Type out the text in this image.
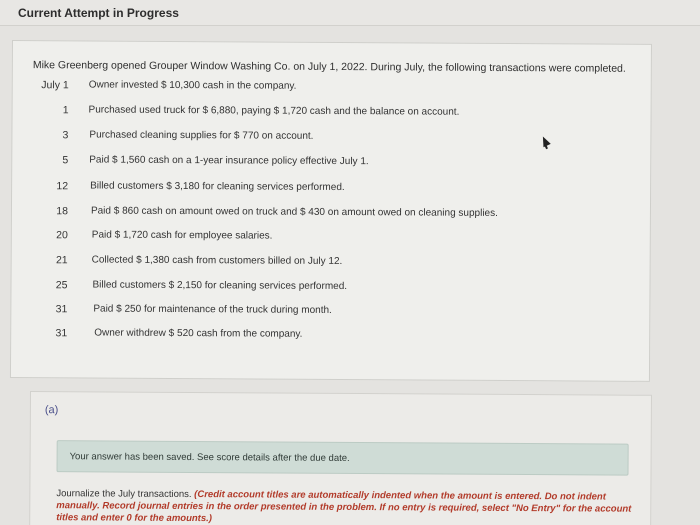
Current Attempt in Progress
Mike Greenberg opened Grouper Window Washing Co. on July 1, 2022. During July, the following transactions were completed.
July 1 Owner invested $ 10,300 cash in the company.
1 Purchased used truck for $ 6,880, paying $ 1,720 cash and the balance on account.
3 Purchased cleaning supplies for $ 770 on account.
5 Paid $ 1,560 cash on a 1-year insurance policy effective July 1.
12 Billed customers $ 3,180 for cleaning services performed.
18 Paid $ 860 cash on amount owed on truck and $ 430 on amount owed on cleaning supplies.
20 Paid $ 1,720 cash for employee salaries.
21 Collected $ 1,380 cash from customers billed on July 12.
25 Billed customers $ 2,150 for cleaning services performed.
31	Paid $ 250 for maintenance of the truck during month.
31	Owner withdrew $ 520 cash from the company.
(a)
Your answer has been saved. See score details after the due date.
Journalize the July transactions. (Credit account titles are automatically indented when the amount is entered. Do not indent manually. Record journal entries in the order presented in the problem. If no entry is required, select "No Entry" for the account titles and enter 0 for the amounts.)
